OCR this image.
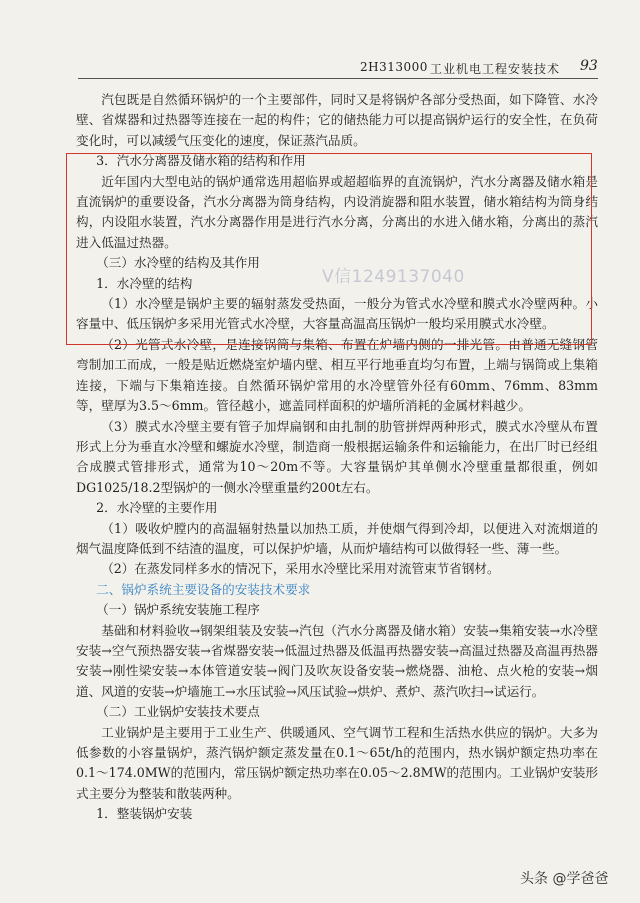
2H313000 工业机电工程安装技术 93

汽包既是自然循环锅炉的一个主要部件，同时又是将锅炉各部分受热面，如下降管、水冷壁、省煤器和过热器等连接在一起的构件；它的储热能力可以提高锅炉运行的安全性，在负荷变化时，可以减缓气压变化的速度，保证蒸汽品质。

3．汽水分离器及储水箱的结构和作用

近年国内大型电站的锅炉通常选用超临界或超超临界的直流锅炉，汽水分离器及储水箱是直流锅炉的重要设备，汽水分离器为筒身结构，内设消旋器和阻水装置，储水箱结构为筒身结构，内设阻水装置，汽水分离器作用是进行汽水分离，分离出的水进入储水箱，分离出的蒸汽进入低温过热器。

（三）水冷壁的结构及其作用

1．水冷壁的结构

（1）水冷壁是锅炉主要的辐射蒸发受热面，一般分为管式水冷壁和膜式水冷壁两种。小容量中、低压锅炉多采用光管式水冷壁，大容量高温高压锅炉一般均采用膜式水冷壁。

（2）光管式水冷壁，是连接锅筒与集箱、布置在炉墙内侧的一排光管。由普通无缝钢管弯制加工而成，一般是贴近燃烧室炉墙内壁、相互平行地垂直均匀布置，上端与锅筒或上集箱连接，下端与下集箱连接。自然循环锅炉常用的水冷壁管外径有60mm、76mm、83mm等，壁厚为3.5～6mm。管径越小，遮盖同样面积的炉墙所消耗的金属材料越少。

（3）膜式水冷壁主要有管子加焊扁钢和由扎制的肋管拼焊两种形式，膜式水冷壁从布置形式上分为垂直水冷壁和螺旋水冷壁，制造商一般根据运输条件和运输能力，在出厂时已经组合成膜式管排形式，通常为10～20m不等。大容量锅炉其单侧水冷壁重量都很重，例如DG1025/18.2型锅炉的一侧水冷壁重量约200t左右。

2．水冷壁的主要作用

（1）吸收炉膛内的高温辐射热量以加热工质，并使烟气得到冷却，以便进入对流烟道的烟气温度降低到不结渣的温度，可以保护炉墙，从而炉墙结构可以做得轻一些、薄一些。

（2）在蒸发同样多水的情况下，采用水冷壁比采用对流管束节省钢材。

二、锅炉系统主要设备的安装技术要求

（一）锅炉系统安装施工程序

基础和材料验收→钢架组装及安装→汽包（汽水分离器及储水箱）安装→集箱安装→水冷壁安装→空气预热器安装→省煤器安装→低温过热器及低温再热器安装→高温过热器及高温再热器安装→刚性梁安装→本体管道安装→阀门及吹灰设备安装→燃烧器、油枪、点火枪的安装→烟道、风道的安装→炉墙施工→水压试验→风压试验→烘炉、煮炉、蒸汽吹扫→试运行。

（二）工业锅炉安装技术要点

工业锅炉是主要用于工业生产、供暖通风、空气调节工程和生活热水供应的锅炉。大多为低参数的小容量锅炉，蒸汽锅炉额定蒸发量在0.1～65t/h的范围内，热水锅炉额定热功率在0.1～174.0MW的范围内，常压锅炉额定热功率在0.05～2.8MW的范围内。工业锅炉安装形式主要分为整装和散装两种。

1．整装锅炉安装

V信1249137040
头条 @学爸爸
